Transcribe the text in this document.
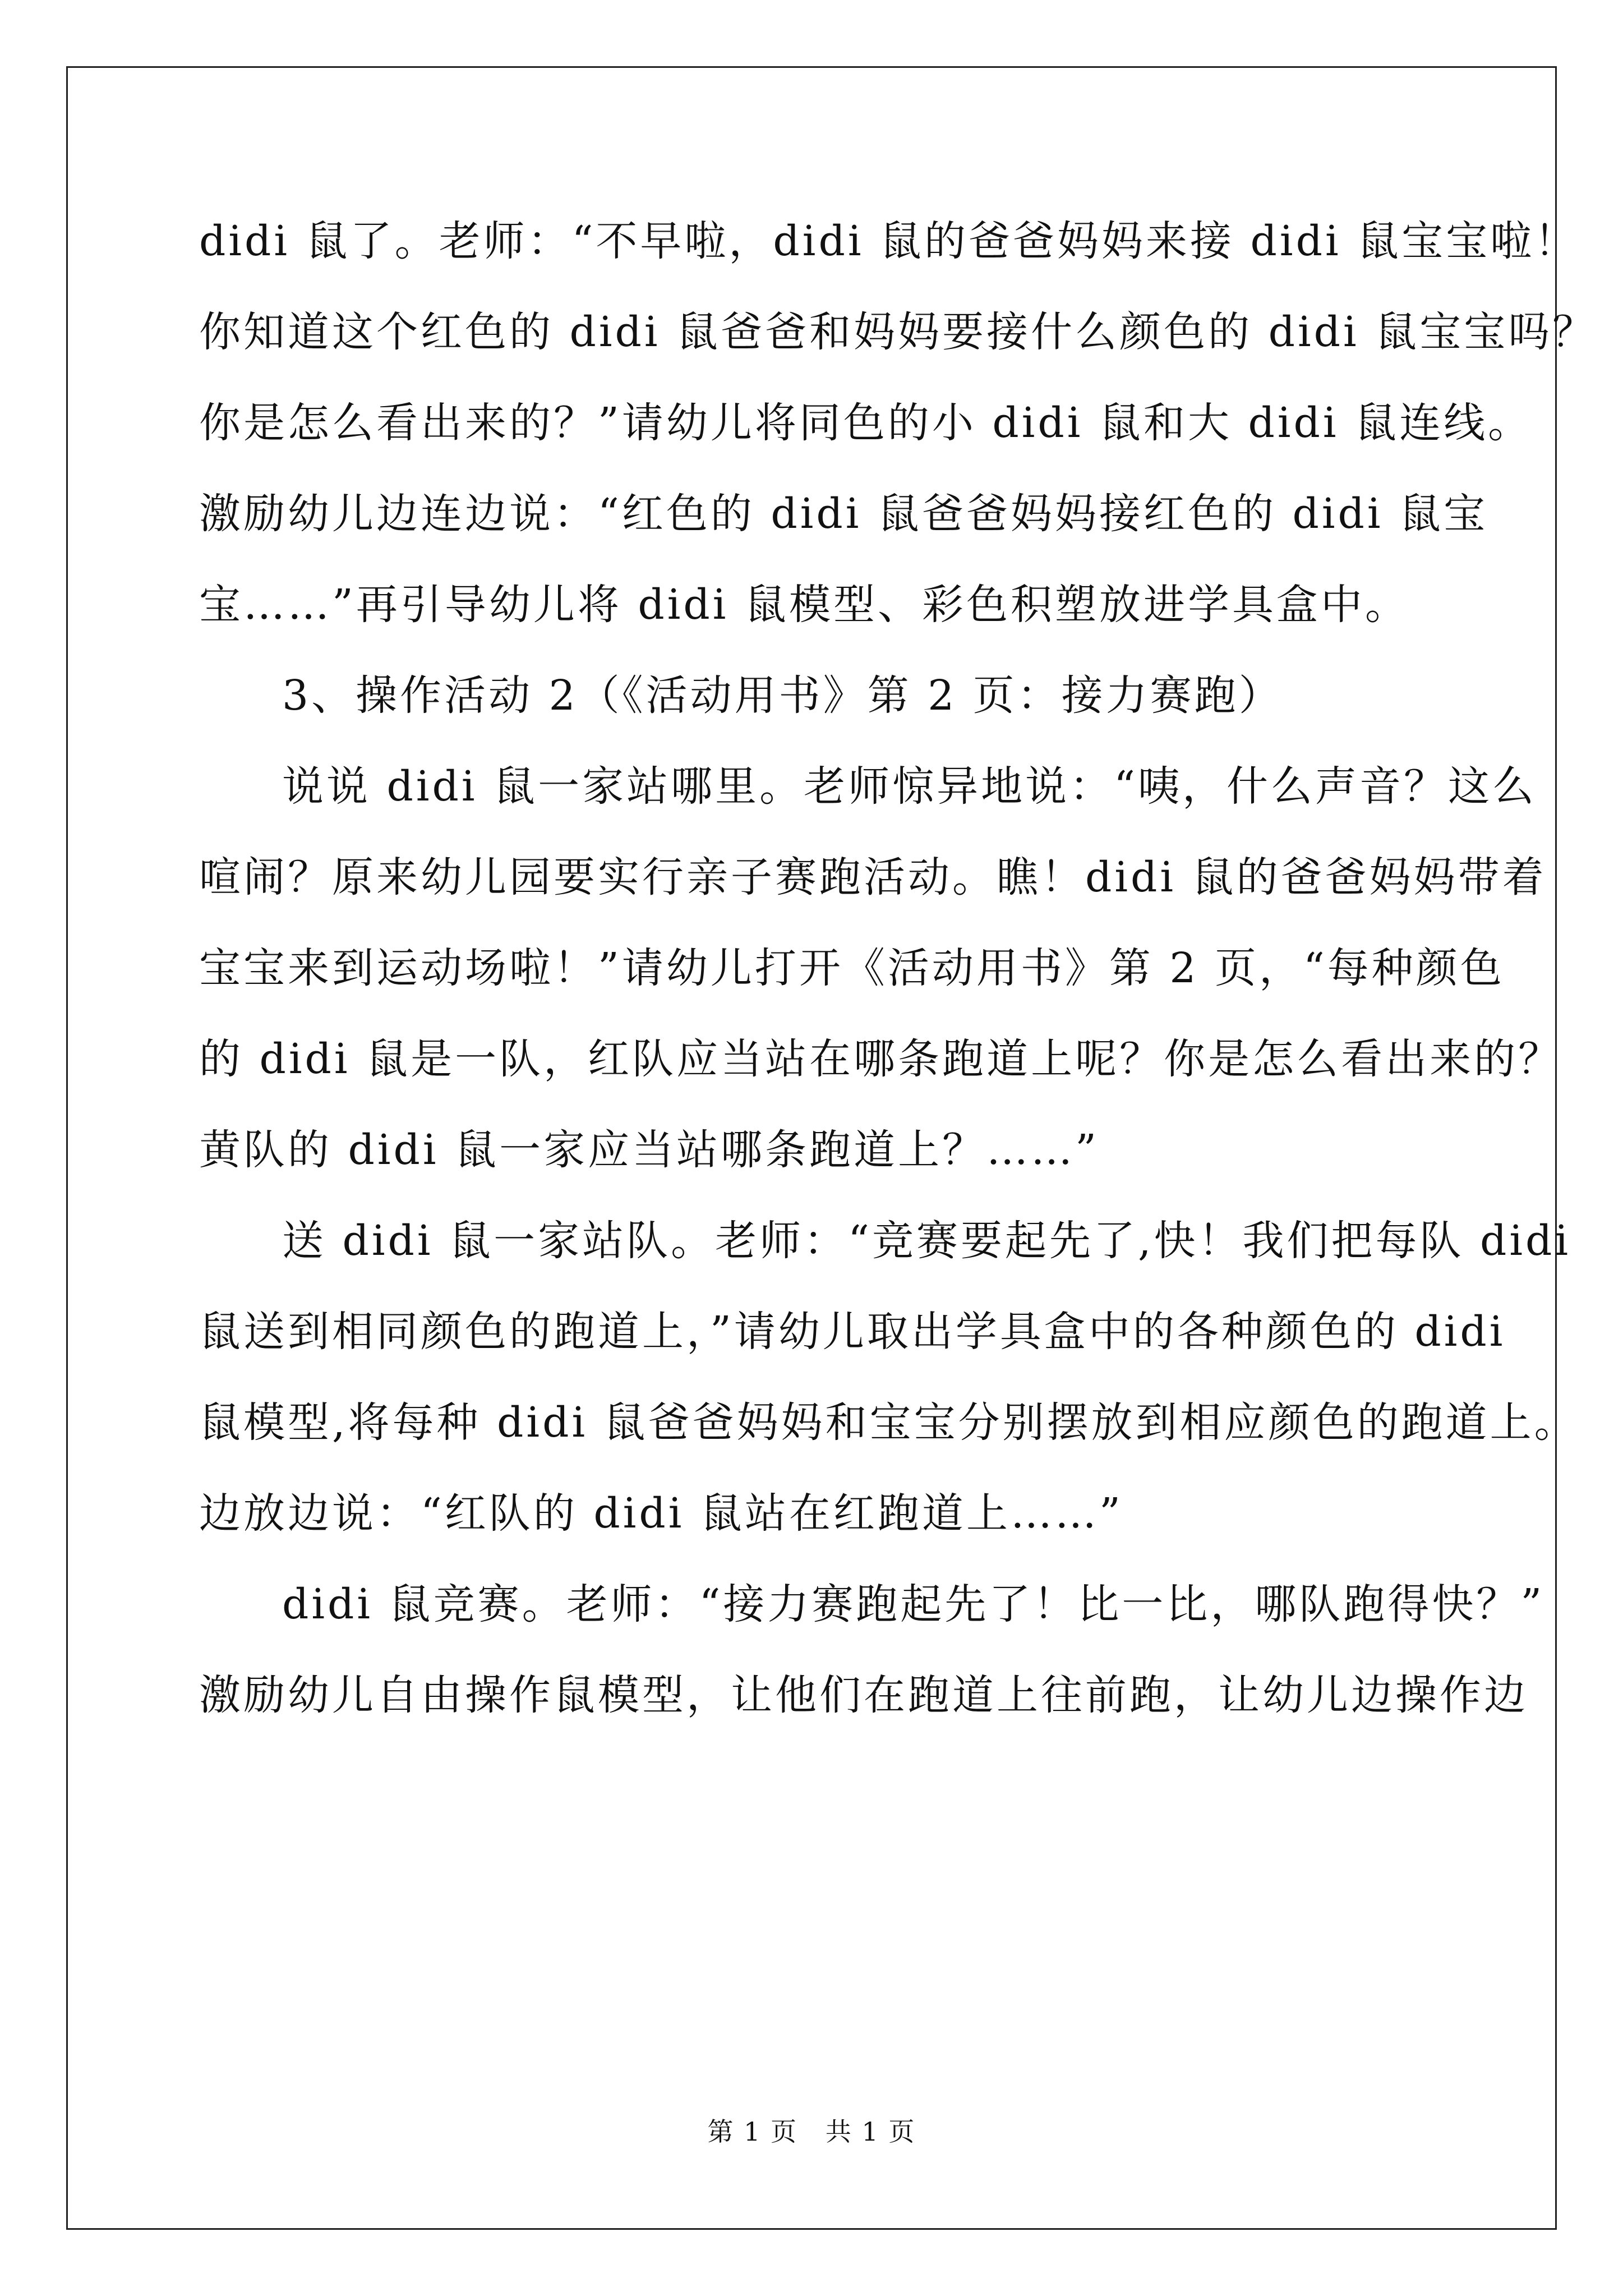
didi 鼠了。老师：“不早啦，didi 鼠的爸爸妈妈来接 didi 鼠宝宝啦！
你知道这个红色的 didi 鼠爸爸和妈妈要接什么颜色的 didi 鼠宝宝吗？
你是怎么看出来的？”请幼儿将同色的小 didi 鼠和大 didi 鼠连线。
激励幼儿边连边说：“红色的 didi 鼠爸爸妈妈接红色的 didi 鼠宝
宝……”再引导幼儿将 didi 鼠模型、彩色积塑放进学具盒中。
3、操作活动 2（《活动用书》第 2 页：接力赛跑）
说说 didi 鼠一家站哪里。老师惊异地说：“咦，什么声音？这么
喧闹？原来幼儿园要实行亲子赛跑活动。瞧！didi 鼠的爸爸妈妈带着
宝宝来到运动场啦！”请幼儿打开《活动用书》第 2 页，“每种颜色
的 didi 鼠是一队，红队应当站在哪条跑道上呢？你是怎么看出来的？
黄队的 didi 鼠一家应当站哪条跑道上？……”
送 didi 鼠一家站队。老师：“竞赛要起先了,快！我们把每队 didi
鼠送到相同颜色的跑道上，”请幼儿取出学具盒中的各种颜色的 didi
鼠模型,将每种 didi 鼠爸爸妈妈和宝宝分别摆放到相应颜色的跑道上。
边放边说：“红队的 didi 鼠站在红跑道上……”
didi 鼠竞赛。老师：“接力赛跑起先了！比一比，哪队跑得快？”
激励幼儿自由操作鼠模型，让他们在跑道上往前跑，让幼儿边操作边
第 1 页   共 1 页
